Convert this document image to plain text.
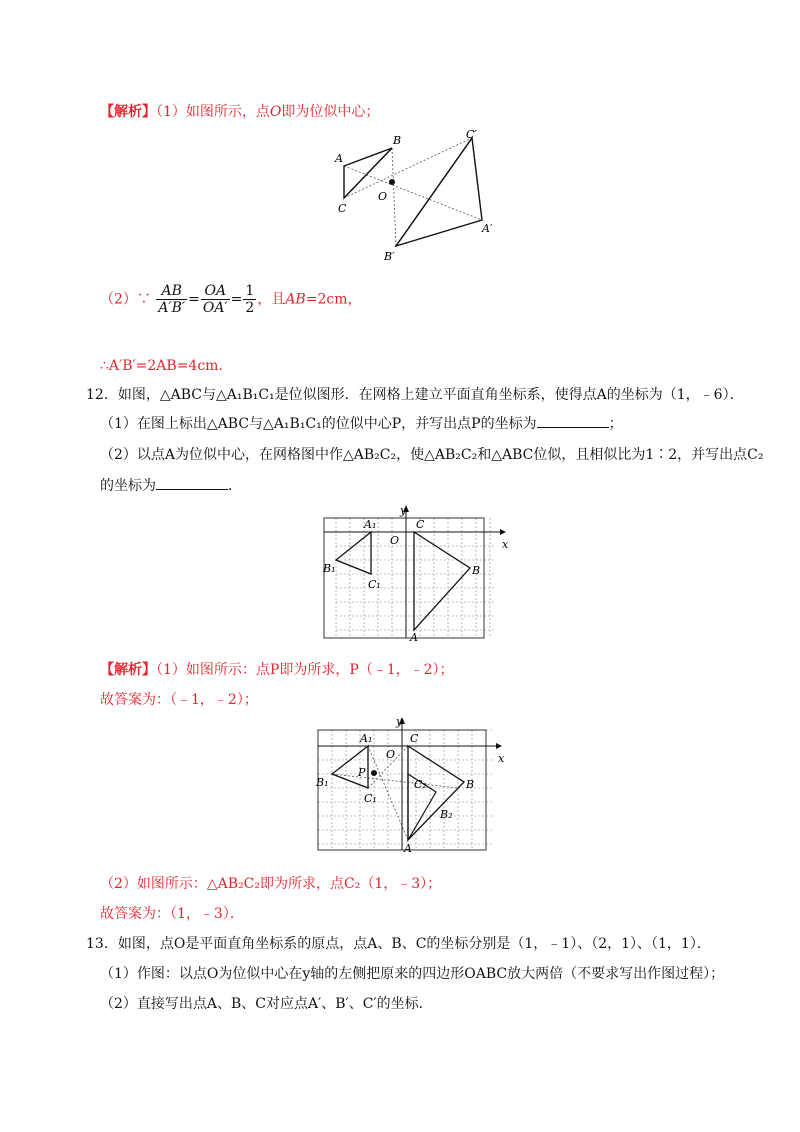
【解析】（1）如图所示，点O即为位似中心；
A
B
C
O
C′
A′
B′
（2）∵ $\frac{AB}{A'B'} = \frac{OA}{OA'} = \frac{1}{2}$ ，且AB=2cm，
∴A′B′=2AB=4cm.
12．如图，△ABC与△A₁B₁C₁是位似图形．在网格上建立平面直角坐标系，使得点A的坐标为（1，﹣6）．
（1）在图上标出△ABC与△A₁B₁C₁的位似中心P，并写出点P的坐标为	；
（2）以点A为位似中心，在网格图中作△AB₂C₂，使△AB₂C₂和△ABC位似，且相似比为1∶2，并写出点C₂
的坐标为	．
y
x
A₁
O
C
B₁	B
C₁
A
【解析】（1）如图所示：点P即为所求，P（﹣1，﹣2）；
故答案为：（﹣1，﹣2）；
y
x
A₁
O
C
P
B₁	C₂	B
C₁
B₂
A
（2）如图所示：△AB₂C₂即为所求，点C₂（1，﹣3）；
故答案为：（1，﹣3）．
13．如图，点O是平面直角坐标系的原点，点A、B、C的坐标分别是（1，﹣1）、（2，1）、（1，1）．
（1）作图：以点O为位似中心在y轴的左侧把原来的四边形OABC放大两倍（不要求写出作图过程）；
（2）直接写出点A、B、C对应点A′、B′、C′的坐标．
